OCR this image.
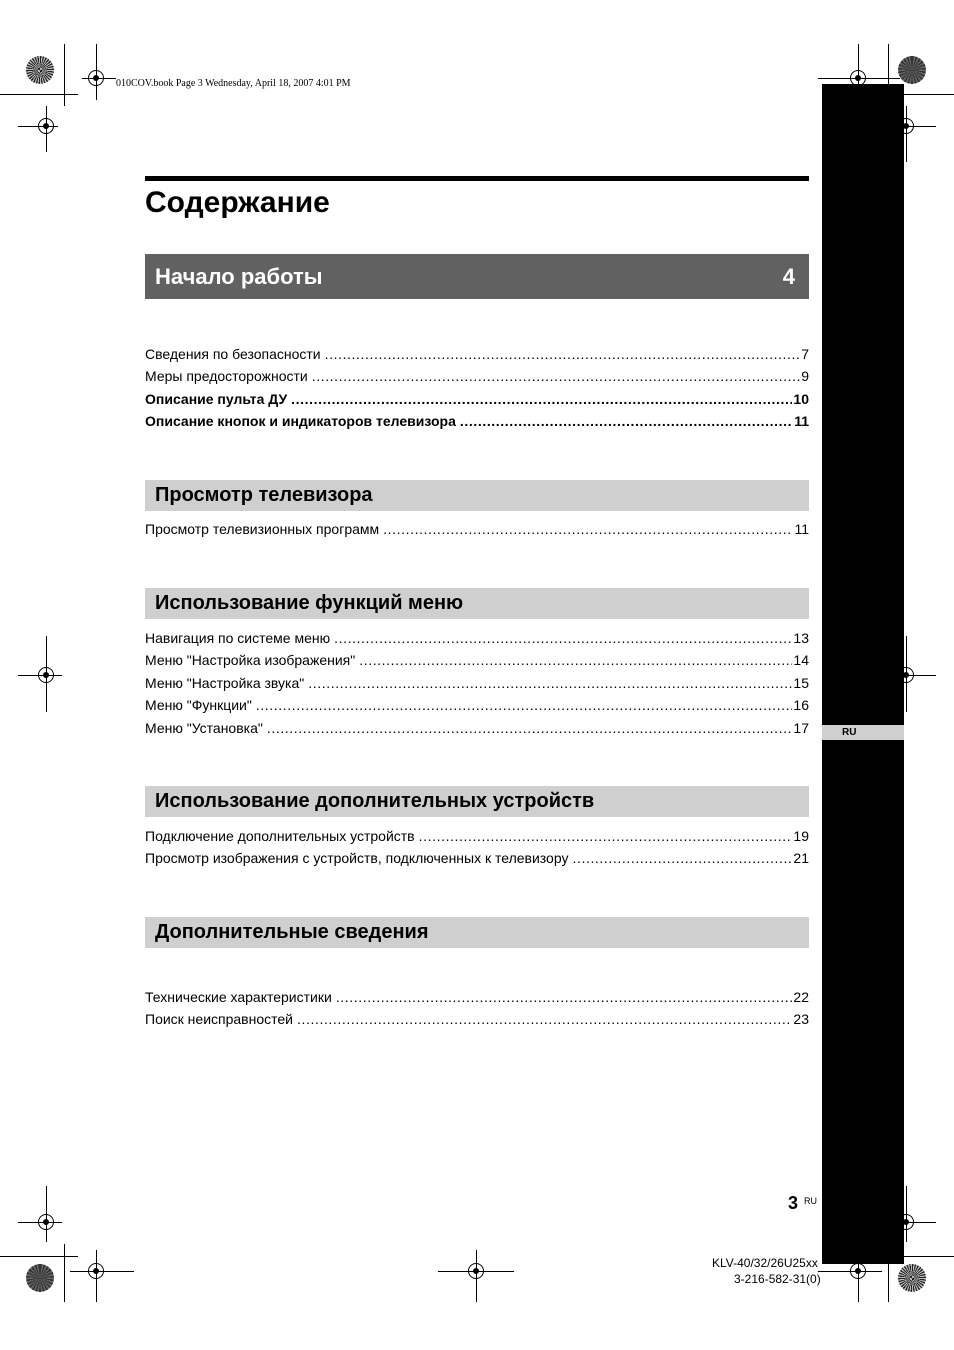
010COV.book Page 3 Wednesday, April 18, 2007 4:01 PM
RU
Содержание
Начало работы	4
Сведения по безопасности .....	7
Меры предосторожности .....	9
Описание пульта ДУ .....	10
Описание кнопок и индикаторов телевизора .....	11
Просмотр телевизора
Просмотр телевизионных программ .....	11
Использование функций меню
Навигация по системе меню .....	13
Меню "Настройка изображения" .....	14
Меню "Настройка звука" .....	15
Меню "Функции" .....	16
Меню "Установка" .....	17
Использование дополнительных устройств
Подключение дополнительных устройств .....	19
Просмотр изображения с устройств, подключенных к телевизору .....	21
Дополнительные сведения
Технические характеристики .....	22
Поиск неисправностей .....	23
3 RU
KLV-40/32/26U25xx
3-216-582-31(0)
